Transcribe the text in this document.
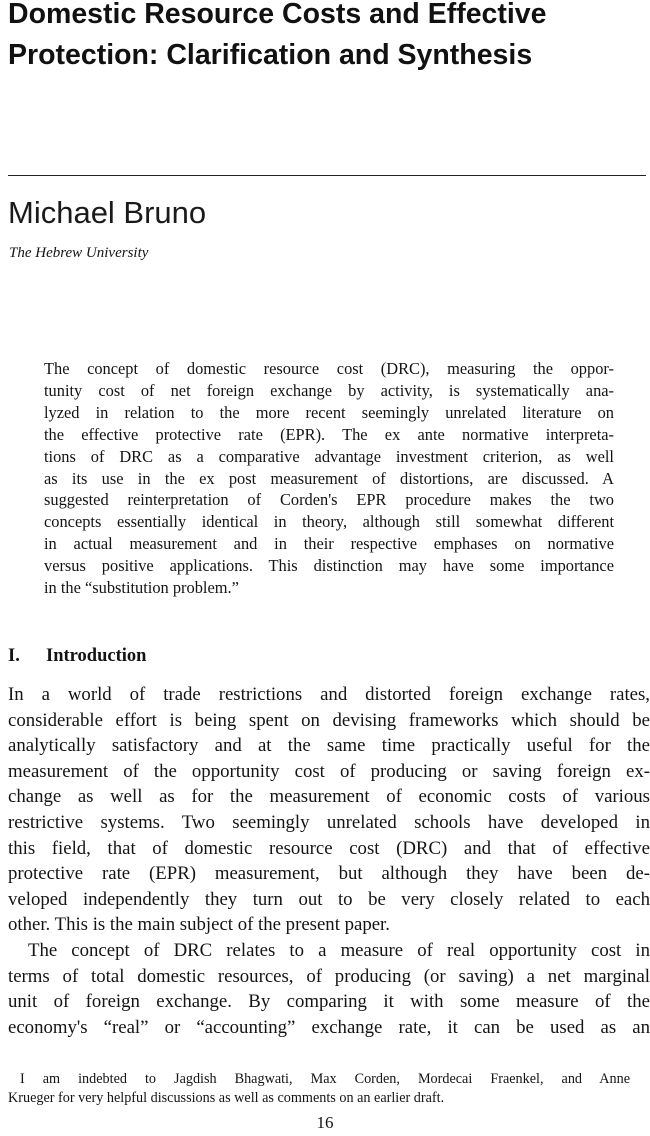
Domestic Resource Costs and Effective
Protection: Clarification and Synthesis
Michael Bruno
The Hebrew University
The concept of domestic resource cost (DRC), measuring the oppor-
tunity cost of net foreign exchange by activity, is systematically ana-
lyzed in relation to the more recent seemingly unrelated literature on
the effective protective rate (EPR). The ex ante normative interpreta-
tions of DRC as a comparative advantage investment criterion, as well
as its use in the ex post measurement of distortions, are discussed. A
suggested reinterpretation of Corden's EPR procedure makes the two
concepts essentially identical in theory, although still somewhat different
in actual measurement and in their respective emphases on normative
versus positive applications. This distinction may have some importance
in the “substitution problem.”
I. Introduction
In a world of trade restrictions and distorted foreign exchange rates,
considerable effort is being spent on devising frameworks which should be
analytically satisfactory and at the same time practically useful for the
measurement of the opportunity cost of producing or saving foreign ex-
change as well as for the measurement of economic costs of various
restrictive systems. Two seemingly unrelated schools have developed in
this field, that of domestic resource cost (DRC) and that of effective
protective rate (EPR) measurement, but although they have been de-
veloped independently they turn out to be very closely related to each
other. This is the main subject of the present paper.
The concept of DRC relates to a measure of real opportunity cost in
terms of total domestic resources, of producing (or saving) a net marginal
unit of foreign exchange. By comparing it with some measure of the
economy's “real” or “accounting” exchange rate, it can be used as an
I am indebted to Jagdish Bhagwati, Max Corden, Mordecai Fraenkel, and Anne
Krueger for very helpful discussions as well as comments on an earlier draft.
16
